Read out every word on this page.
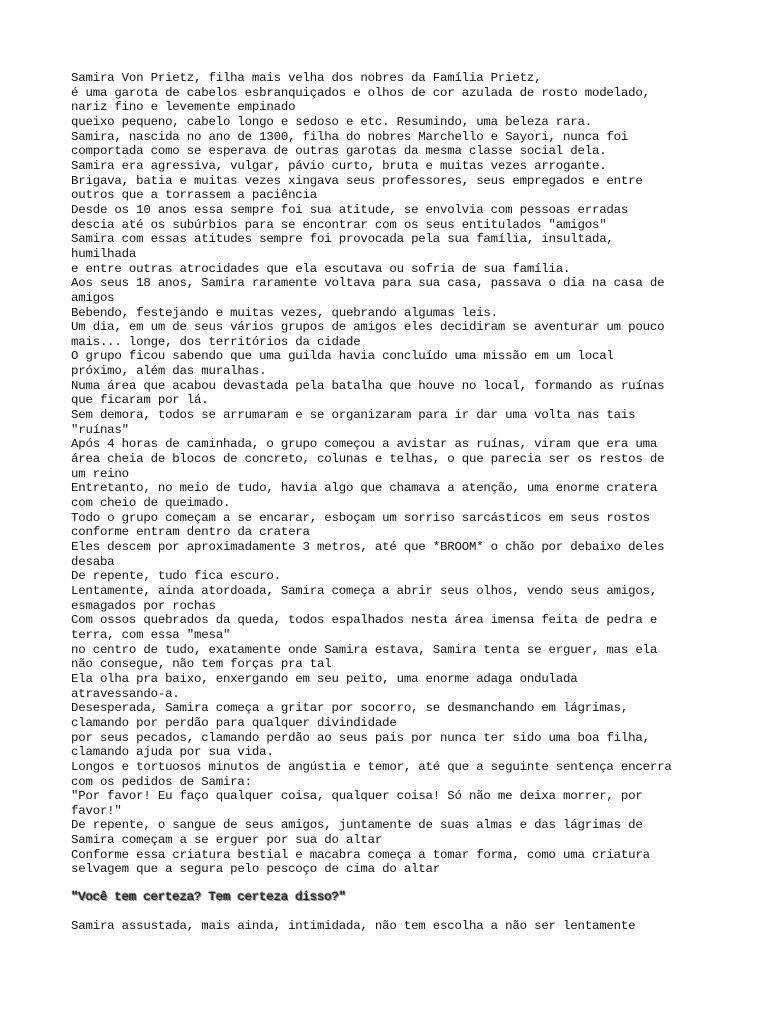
Samira Von Prietz, filha mais velha dos nobres da Família Prietz,
é uma garota de cabelos esbranquiçados e olhos de cor azulada de rosto modelado,
nariz fino e levemente empinado
queixo pequeno, cabelo longo e sedoso e etc. Resumindo, uma beleza rara.
Samira, nascida no ano de 1300, filha do nobres Marchello e Sayori, nunca foi
comportada como se esperava de outras garotas da mesma classe social dela.
Samira era agressiva, vulgar, pávio curto, bruta e muitas vezes arrogante.
Brigava, batia e muitas vezes xingava seus professores, seus empregados e entre
outros que a torrassem a paciência
Desde os 10 anos essa sempre foi sua atitude, se envolvia com pessoas erradas
descia até os subúrbios para se encontrar com os seus entitulados "amigos"
Samira com essas atitudes sempre foi provocada pela sua família, insultada,
humilhada
e entre outras atrocidades que ela escutava ou sofria de sua família.
Aos seus 18 anos, Samira raramente voltava para sua casa, passava o dia na casa de
amigos
Bebendo, festejando e muitas vezes, quebrando algumas leis.
Um dia, em um de seus vários grupos de amigos eles decidiram se aventurar um pouco
mais... longe, dos territórios da cidade
O grupo ficou sabendo que uma guilda havia concluído uma missão em um local
próximo, além das muralhas.
Numa área que acabou devastada pela batalha que houve no local, formando as ruínas
que ficaram por lá.
Sem demora, todos se arrumaram e se organizaram para ir dar uma volta nas tais
"ruínas"
Após 4 horas de caminhada, o grupo começou a avistar as ruínas, viram que era uma
área cheia de blocos de concreto, colunas e telhas, o que parecia ser os restos de
um reino
Entretanto, no meio de tudo, havia algo que chamava a atenção, uma enorme cratera
com cheio de queimado.
Todo o grupo começam a se encarar, esboçam um sorriso sarcásticos em seus rostos
conforme entram dentro da cratera
Eles descem por aproximadamente 3 metros, até que *BROOM* o chão por debaixo deles
desaba
De repente, tudo fica escuro.
Lentamente, ainda atordoada, Samira começa a abrir seus olhos, vendo seus amigos,
esmagados por rochas
Com ossos quebrados da queda, todos espalhados nesta área imensa feita de pedra e
terra, com essa "mesa"
no centro de tudo, exatamente onde Samira estava, Samira tenta se erguer, mas ela
não consegue, não tem forças pra tal
Ela olha pra baixo, enxergando em seu peito, uma enorme adaga ondulada
atravessando-a.
Desesperada, Samira começa a gritar por socorro, se desmanchando em lágrimas,
clamando por perdão para qualquer divindidade
por seus pecados, clamando perdão ao seus pais por nunca ter sido uma boa filha,
clamando ajuda por sua vida.
Longos e tortuosos minutos de angústia e temor, até que a seguinte sentença encerra
com os pedidos de Samira:
"Por favor! Eu faço qualquer coisa, qualquer coisa! Só não me deixa morrer, por
favor!"
De repente, o sangue de seus amigos, juntamente de suas almas e das lágrimas de
Samira começam a se erguer por sua do altar
Conforme essa criatura bestial e macabra começa a tomar forma, como uma criatura
selvagem que a segura pelo pescoço de cima do altar
"Você tem certeza? Tem certeza disso?"
Samira assustada, mais ainda, intimidada, não tem escolha a não ser lentamente
